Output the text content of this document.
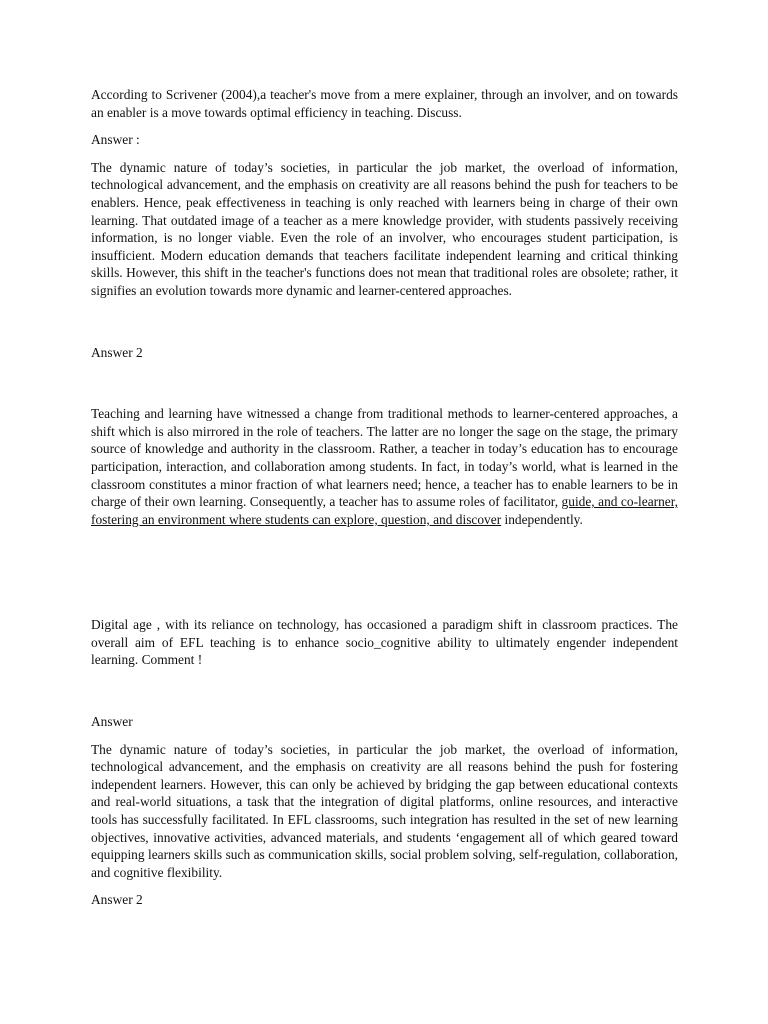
According to Scrivener (2004),a teacher's move from a mere explainer, through an involver, and on towards an enabler is a move towards optimal efficiency in teaching. Discuss.

Answer :

The dynamic nature of today’s societies, in particular the job market, the overload of information, technological advancement, and the emphasis on creativity are all reasons behind the push for teachers to be enablers. Hence, peak effectiveness in teaching is only reached with learners being in charge of their own learning. That outdated image of a teacher as a mere knowledge provider, with students passively receiving information, is no longer viable. Even the role of an involver, who encourages student participation, is insufficient. Modern education demands that teachers facilitate independent learning and critical thinking skills. However, this shift in the teacher's functions does not mean that traditional roles are obsolete; rather, it signifies an evolution towards more dynamic and learner-centered approaches.

Answer 2

Teaching and learning have witnessed a change from traditional methods to learner-centered approaches, a shift which is also mirrored in the role of teachers. The latter are no longer the sage on the stage, the primary source of knowledge and authority in the classroom. Rather, a teacher in today’s education has to encourage participation, interaction, and collaboration among students. In fact, in today’s world, what is learned in the classroom constitutes a minor fraction of what learners need; hence, a teacher has to enable learners to be in charge of their own learning. Consequently, a teacher has to assume roles of facilitator, guide, and co-learner, fostering an environment where students can explore, question, and discover independently.

Digital age , with its reliance on technology, has occasioned a paradigm shift in classroom practices. The overall aim of EFL teaching is to enhance socio_cognitive ability to ultimately engender independent learning. Comment !

Answer

The dynamic nature of today’s societies, in particular the job market, the overload of information, technological advancement, and the emphasis on creativity are all reasons behind the push for fostering independent learners. However, this can only be achieved by bridging the gap between educational contexts and real-world situations, a task that the integration of digital platforms, online resources, and interactive tools has successfully facilitated. In EFL classrooms, such integration has resulted in the set of new learning objectives, innovative activities, advanced materials, and students ‘engagement all of which geared toward equipping learners skills such as communication skills, social problem solving, self-regulation, collaboration, and cognitive flexibility.

Answer 2
